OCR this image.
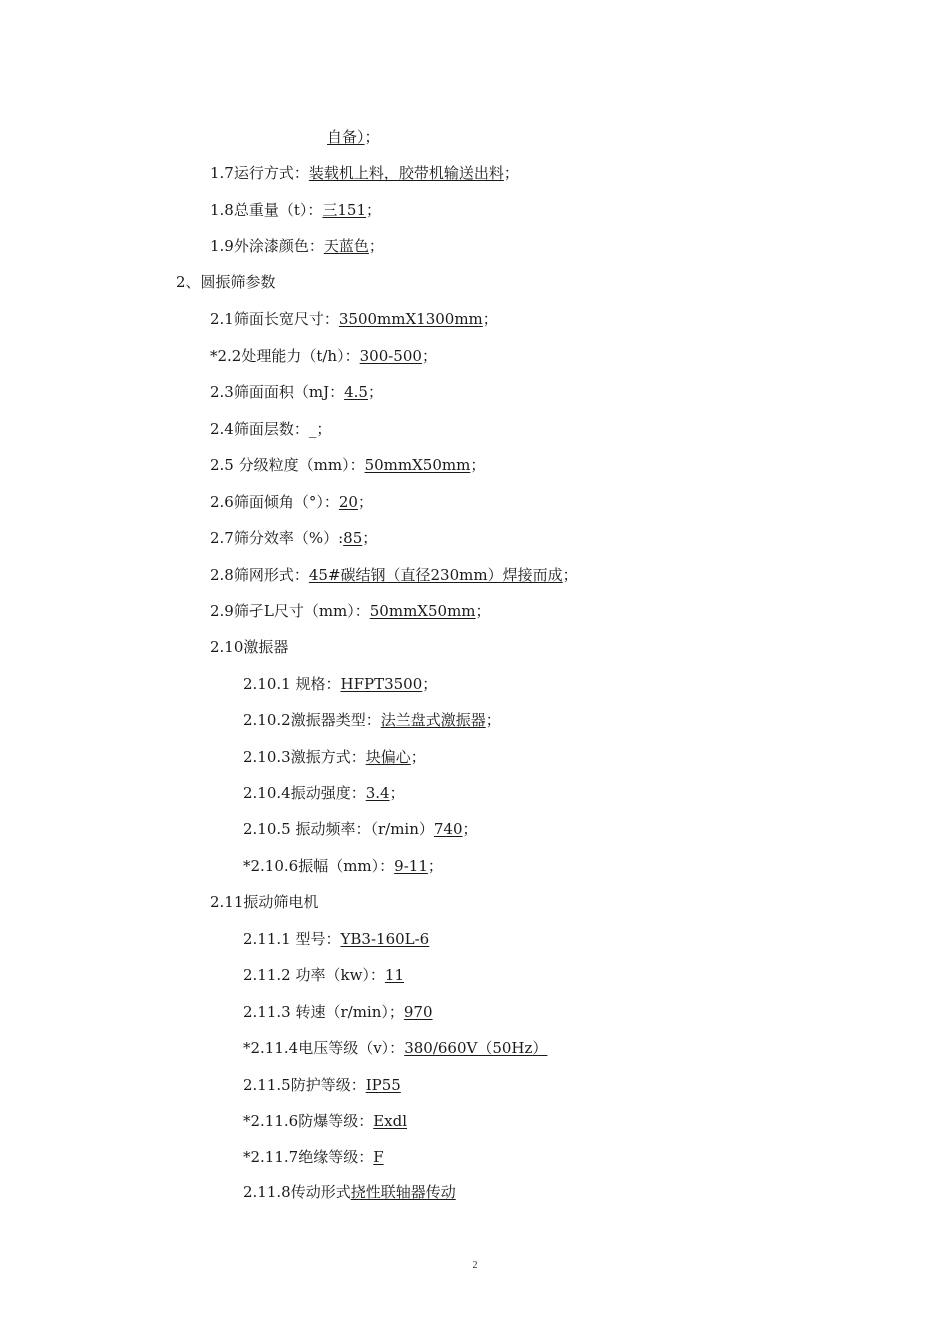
自备）；
1.7运行方式：装载机上料，胶带机输送出料；
1.8总重量（t）：三151；
1.9外涂漆颜色：天蓝色；
2、圆振筛参数
2.1筛面长宽尺寸：3500mmX1300mm；
*2.2处理能力（t/h）：300-500；
2.3筛面面积（mJ：4.5；
2.4筛面层数：_；
2.5 分级粒度（mm）：50mmX50mm；
2.6筛面倾角（°）：20；
2.7筛分效率（%）:85；
2.8筛网形式：45#碳结钢（直径230mm）焊接而成；
2.9筛孑L尺寸（mm）：50mmX50mm；
2.10激振器
2.10.1 规格：HFPT3500；
2.10.2激振器类型：法兰盘式激振器；
2.10.3激振方式：块偏心；
2.10.4振动强度：3.4；
2.10.5 振动频率：（r/min）740；
*2.10.6振幅（mm）：9-11；
2.11振动筛电机
2.11.1 型号：YB3-160L-6
2.11.2 功率（kw）：11
2.11.3 转速（r/min）；970
*2.11.4电压等级（v）：380/660V（50Hz）
2.11.5防护等级：IP55
*2.11.6防爆等级：Exdl
*2.11.7绝缘等级：F
2.11.8传动形式挠性联轴器传动
2
